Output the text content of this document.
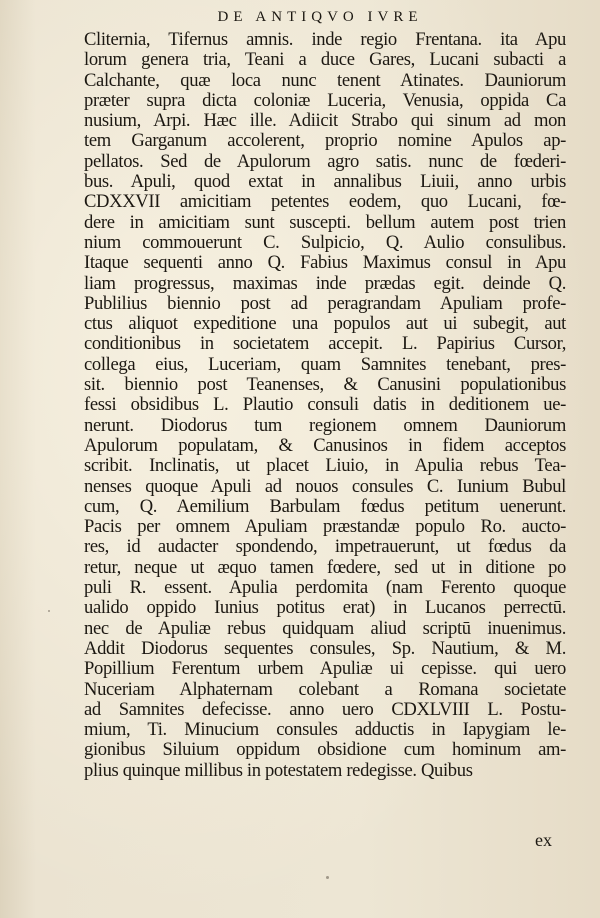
DE ANTIQVO IVRE
Cliternia, Tifernus amnis. inde regio Frentana. ita Apu
lorum genera tria, Teani a duce Gares, Lucani subacti a
Calchante, quæ loca nunc tenent Atinates. Dauniorum
præter supra dicta coloniæ Luceria, Venusia, oppida Ca
nusium, Arpi. Hæc ille. Adiicit Strabo qui sinum ad mon
tem Garganum accolerent, proprio nomine Apulos ap-
pellatos. Sed de Apulorum agro satis. nunc de fœderi-
bus. Apuli, quod extat in annalibus Liuii, anno urbis
CDXXVII amicitiam petentes eodem, quo Lucani, fœ-
dere in amicitiam sunt suscepti. bellum autem post trien
nium commouerunt C. Sulpicio, Q. Aulio consulibus.
Itaque sequenti anno Q. Fabius Maximus consul in Apu
liam progressus, maximas inde prædas egit. deinde Q.
Publilius biennio post ad peragrandam Apuliam profe-
ctus aliquot expeditione una populos aut ui subegit, aut
conditionibus in societatem accepit. L. Papirius Cursor,
collega eius, Luceriam, quam Samnites tenebant, pres-
sit. biennio post Teanenses, & Canusini populationibus
fessi obsidibus L. Plautio consuli datis in deditionem ue-
nerunt. Diodorus tum regionem omnem Dauniorum
Apulorum populatam, & Canusinos in fidem acceptos
scribit. Inclinatis, ut placet Liuio, in Apulia rebus Tea-
nenses quoque Apuli ad nouos consules C. Iunium Bubul
cum, Q. Aemilium Barbulam fœdus petitum uenerunt.
Pacis per omnem Apuliam præstandæ populo Ro. aucto-
res, id audacter spondendo, impetrauerunt, ut fœdus da
retur, neque ut æquo tamen fœdere, sed ut in ditione po
puli R. essent. Apulia perdomita (nam Ferento quoque
ualido oppido Iunius potitus erat) in Lucanos perrectū.
nec de Apuliæ rebus quidquam aliud scriptū inuenimus.
Addit Diodorus sequentes consules, Sp. Nautium, & M.
Popillium Ferentum urbem Apuliæ ui cepisse. qui uero
Nuceriam Alphaternam colebant a Romana societate
ad Samnites defecisse. anno uero CDXLVIII L. Postu-
mium, Ti. Minucium consules adductis in Iapygiam le-
gionibus Siluium oppidum obsidione cum hominum am-
plius quinque millibus in potestatem redegisse. Quibus
ex
